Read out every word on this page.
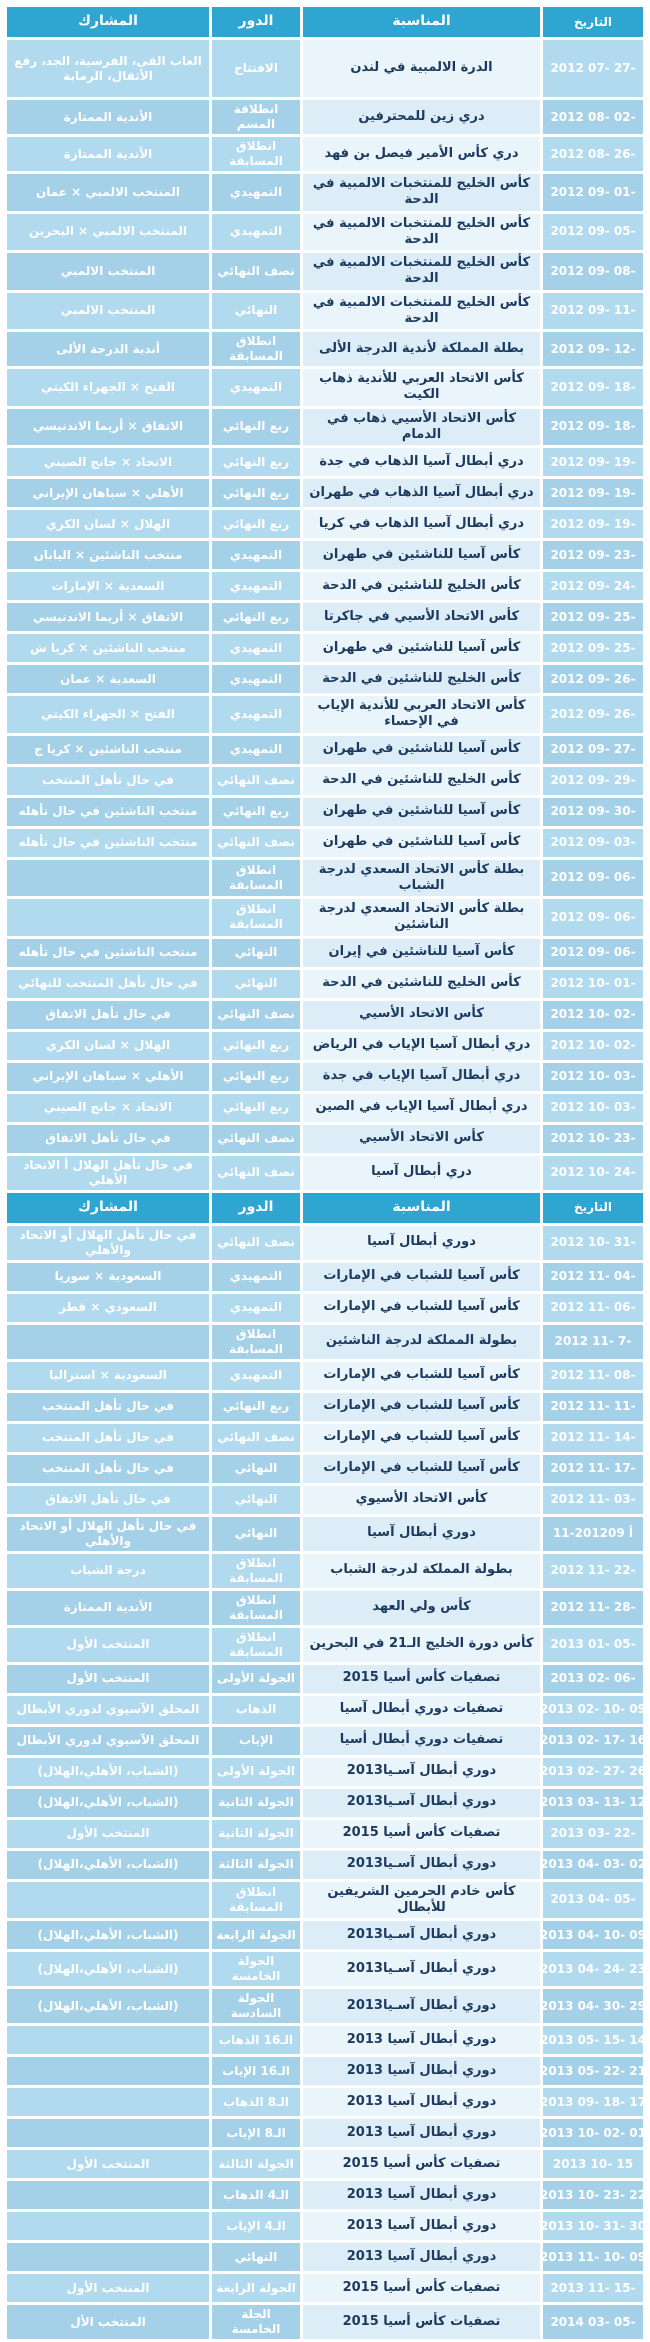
التاريخ
المناسبة
الدور
المشارك
2012 07- 27-
الدرة الالمبية في لندن
الافتتاح
العاب القى، الفرسية، الجد، رفع الأثقال، الرماية
2012 08- 02-
دري زين للمحترفين
انطلاقة المسم
الأندية الممتازة
2012 08- 26-
دري كأس الأمير فيصل بن فهد
انطلاق المسابقة
الأندية الممتازة
2012 09- 01-
كأس الخليج للمنتخبات الالمبية في الدحة
التمهيدي
المنتخب الالمبي × عمان
2012 09- 05-
كأس الخليج للمنتخبات الالمبية في الدحة
التمهيدي
المنتخب الالمبي × البحرين
2012 09- 08-
كأس الخليج للمنتخبات الالمبية في الدحة
نصف النهائي
المنتخب الالمبي
2012 09- 11-
كأس الخليج للمنتخبات الالمبية في الدحة
النهائي
المنتخب الالمبي
2012 09- 12-
بطلة المملكة لأندية الدرجة الألى
انطلاق المسابقة
أندية الدرجة الألى
2012 09- 18-
كأس الاتحاد العربي للأندية ذهاب الكيت
التمهيدي
الفتح × الجهراء الكيتي
2012 09- 18-
كأس الاتحاد الأسيي ذهاب في الدمام
ربع النهائي
الاتفاق × أريما الاندنيسي
2012 09- 19-
دري أبطال آسيا الذهاب في جدة
ربع النهائي
الاتحاد × جانج الصيني
2012 09- 19-
دري أبطال آسيا الذهاب في طهران
ربع النهائي
الأهلي × سباهان الإيراني
2012 09- 19-
دري أبطال آسيا الذهاب في كريا
ربع النهائي
الهلال × لسان الكري
2012 09- 23-
كأس آسيا للناشئين في طهران
التمهيدي
منتخب الناشئين × اليابان
2012 09- 24-
كأس الخليج للناشئين في الدحة
التمهيدي
السعدية × الإمارات
2012 09- 25-
كأس الاتحاد الأسيي في جاكرتا
ربع النهائي
الاتفاق × أريما الاندنيسي
2012 09- 25-
كأس آسيا للناشئين في طهران
التمهيدي
منتخب الناشئين × كريا ش
2012 09- 26-
كأس الخليج للناشئين في الدحة
التمهيدي
السعدية × عمان
2012 09- 26-
كأس الاتحاد العربي للأندية الإياب في الإحساء
التمهيدي
الفتح × الجهراء الكيتي
2012 09- 27-
كأس آسيا للناشئين في طهران
التمهيدي
منتخب الناشئين × كريا ج
2012 09- 29-
كأس الخليج للناشئين في الدحة
نصف النهائي
في حال تأهل المنتخب
2012 09- 30-
كأس آسيا للناشئين في طهران
ربع النهائي
منتخب الناشئين في حال تأهله
2012 09- 03-
كأس آسيا للناشئين في طهران
نصف النهائي
منتخب الناشئين في حال تأهله
2012 09- 06-
بطلة كأس الاتحاد السعدي لدرجة الشباب
انطلاق المسابقة
2012 09- 06-
بطلة كأس الاتحاد السعدي لدرجة الناشئين
انطلاق المسابقة
2012 09- 06-
كأس آسيا للناشئين في إيران
النهائي
منتخب الناشئين في حال تأهله
2012 10- 01-
كأس الخليج للناشئين في الدحة
النهائي
في حال تأهل المنتخب للنهائي
2012 10- 02-
كأس الاتحاد الأسيي
نصف النهائي
في حال تأهل الاتفاق
2012 10- 02-
دري أبطال آسيا الإياب في الرياض
ربع النهائي
الهلال × لسان الكري
2012 10- 03-
دري أبطال آسيا الإياب في جدة
ربع النهائي
الأهلي × سباهان الإيراني
2012 10- 03-
دري أبطال آسيا الإياب في الصين
ربع النهائي
الاتحاد × جانج الصيني
2012 10- 23-
كأس الاتحاد الأسيي
نصف النهائي
في حال تأهل الاتفاق
2012 10- 24-
دري أبطال آسيا
نصف النهائي
في حال تأهل الهلال أ الاتحاد الأهلي
التاريخ
المناسبة
الدور
المشارك
2012 10- 31-
دوري أبطال آسيا
نصف النهائي
في حال تأهل الهلال أو الاتحاد والأهلي
2012 11- 04-
كأس آسيا للشباب في الإمارات
التمهيدي
السعودية × سوريا
2012 11- 06-
كأس آسيا للشباب في الإمارات
التمهيدي
السعودي × قطر
2012 11- 7-
بطولة المملكة لدرجة الناشئين
انطلاق المسابقة
2012 11- 08-
كأس آسيا للشباب في الإمارات
التمهيدي
السعودية × استراليا
2012 11- 11-
كأس آسيا للشباب في الإمارات
ربع النهائي
في حال تأهل المنتخب
2012 11- 14-
كأس آسيا للشباب في الإمارات
نصف النهائي
في حال تأهل المنتخب
2012 11- 17-
كأس آسيا للشباب في الإمارات
النهائي
في حال تأهل المنتخب
2012 11- 03-
كأس الاتحاد الأسيوي
النهائي
في حال تأهل الاتفاق
11-2012أ 09
دوري أبطال آسيا
النهائي
في حال تأهل الهلال أو الاتحاد والأهلي
2012 11- 22-
بطولة المملكة لدرجة الشباب
انطلاق المسابقة
درجة الشباب
2012 11- 28-
كأس ولي العهد
انطلاق المسابقة
الأندية الممتازة
2013 01- 05-
كأس دورة الخليج الـ21 في البحرين
انطلاق المسابقة
المنتخب الأول
2013 02- 06-
تصفيات كأس أسيا 2015
الجولة الأولى
المنتخب الأول
2013 02- 10- 09
تصفيات دوري أبطال آسيا
الذهاب
المحلق الآسيوي لدوري الأبطال
2013 02- 17- 16
تصفيات دوري أبطال أسيا
الإياب
المحلق الآسيوي لدوري الأبطال
2013 02- 27- 26
دوري أبطال آسـيا2013
الجولة الأولى
(الشباب، الأهلي،الهلال)
2013 03- 13- 12
دوري أبطال آسـيا2013
الجولة الثانية
(الشباب، الأهلي،الهلال)
2013 03- 22-
تصفيات كأس أسيا 2015
الجولة الثانية
المنتخب الأول
2013 04- 03- 02
دوري أبطال آسـيا2013
الجولة الثالثة
(الشباب، الأهلي،الهلال)
2013 04- 05-
كأس خادم الحرمين الشريفين للأبطال
انطلاق المسابقة
2013 04- 10- 09
دوري أبطال آسـيا2013
الجولة الرابعة
(الشباب، الأهلي،الهلال)
2013 04- 24- 23
دوري أبطال آسـيا2013
الجولة الخامسة
(الشباب، الأهلي،الهلال)
2013 04- 30- 29
دوري أبطال آسـيا2013
الجولة السادسة
(الشباب، الأهلي،الهلال)
2013 05- 15- 14
دوري أبطال آسيا 2013
الـ16 الذهاب
2013 05- 22- 21
دوري أبطال آسيا 2013
الـ16 الإياب
2013 09- 18- 17
دوري أبطال آسيا 2013
الـ8 الذهاب
2013 10- 02- 01
دوري أبطال آسيا 2013
الـ8 الإياب
2013 10- 15
تصفيات كأس أسيا 2015
الجولة الثالثة
المنتخب الأول
2013 10- 23- 22
دوري أبطال آسيا 2013
الـ4 الذهاب
2013 10- 31- 30
دوري أبطال آسيا 2013
الـ4 الإياب
2013 11- 10- 09
دوري أبطال آسيا 2013
النهائي
2013 11- 15-
تصفيات كأس أسيا 2015
الجولة الرابعة
المنتخب الأول
2014 03- 05-
تصفيات كأس أسيا 2015
الجلة الخامسة
المنتخب الأل
